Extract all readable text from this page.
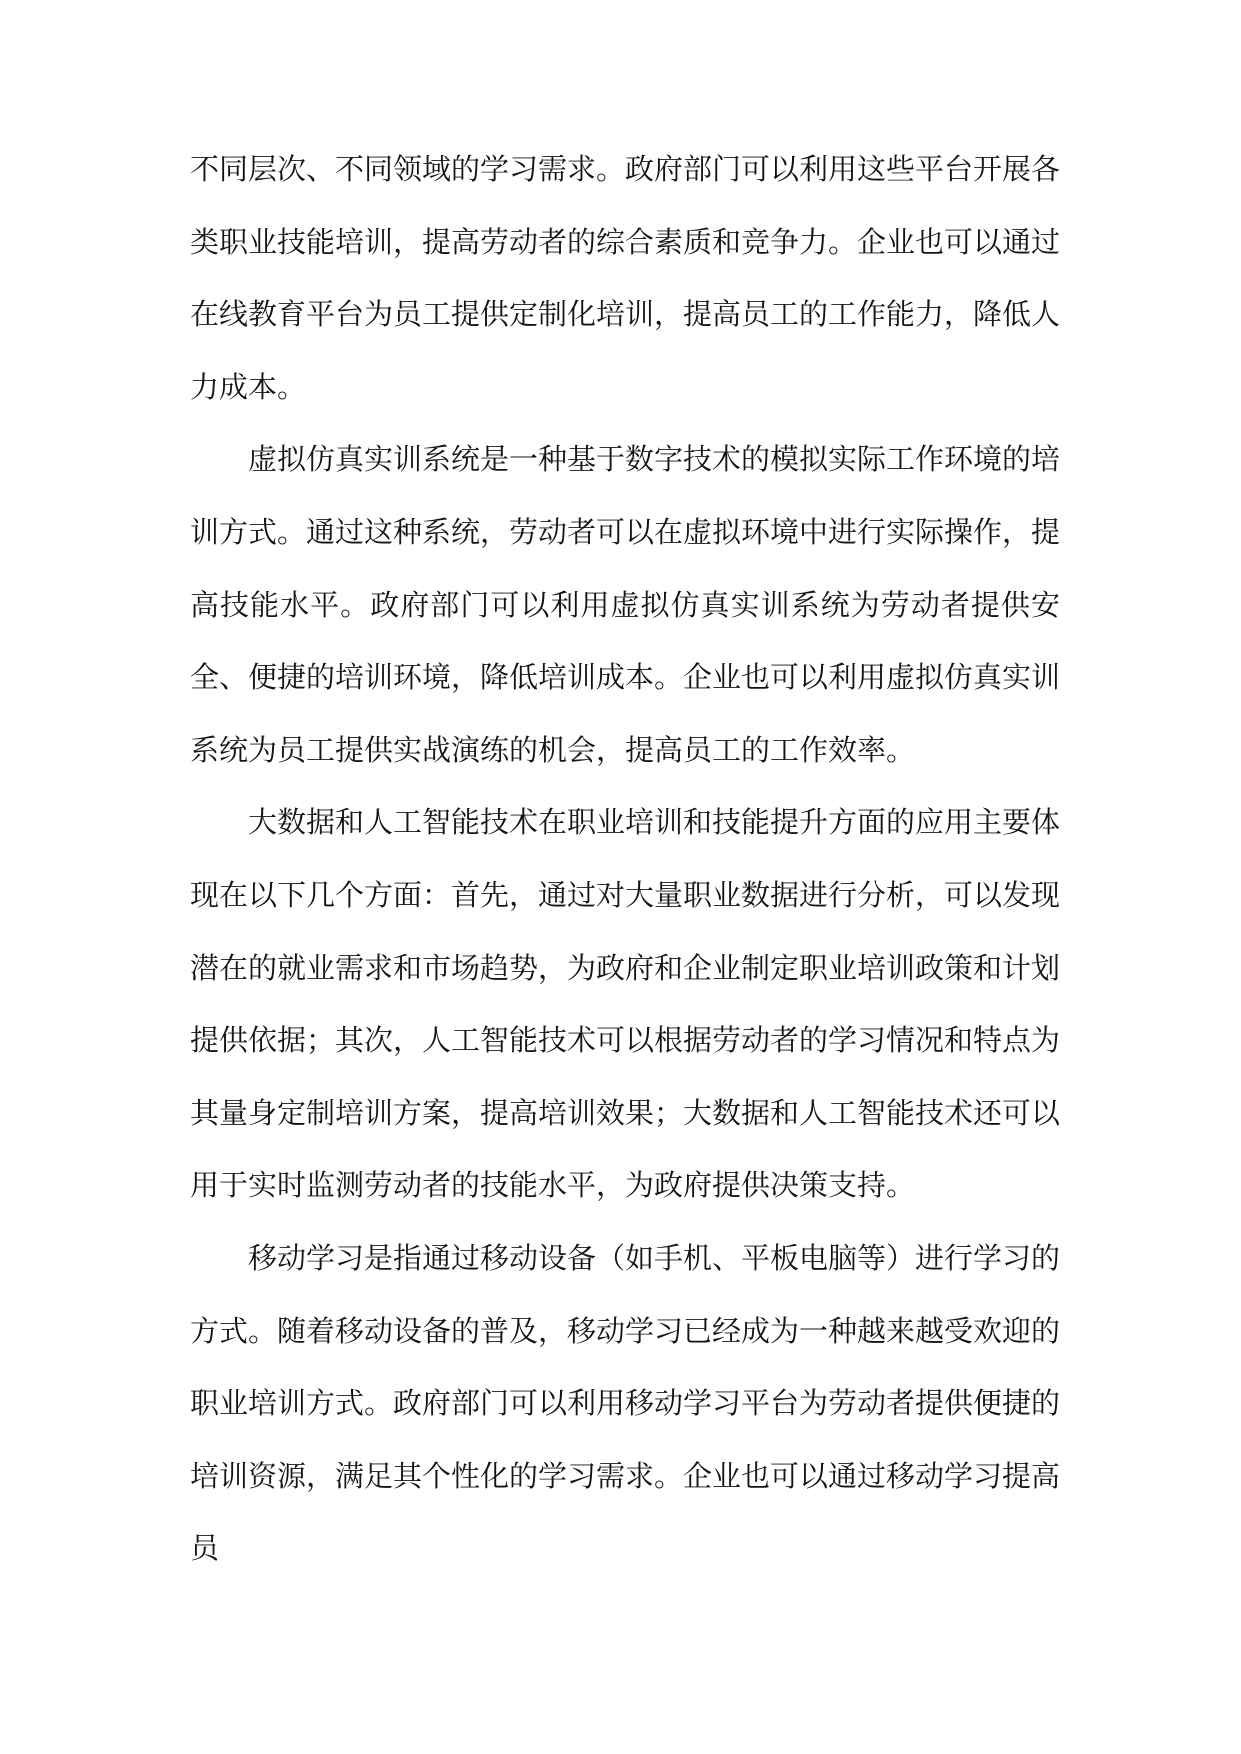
不同层次、不同领域的学习需求。政府部门可以利用这些平台开展各类职业技能培训，提高劳动者的综合素质和竞争力。企业也可以通过在线教育平台为员工提供定制化培训，提高员工的工作能力，降低人力成本。

虚拟仿真实训系统是一种基于数字技术的模拟实际工作环境的培训方式。通过这种系统，劳动者可以在虚拟环境中进行实际操作，提高技能水平。政府部门可以利用虚拟仿真实训系统为劳动者提供安全、便捷的培训环境，降低培训成本。企业也可以利用虚拟仿真实训系统为员工提供实战演练的机会，提高员工的工作效率。

大数据和人工智能技术在职业培训和技能提升方面的应用主要体现在以下几个方面：首先，通过对大量职业数据进行分析，可以发现潜在的就业需求和市场趋势，为政府和企业制定职业培训政策和计划提供依据；其次，人工智能技术可以根据劳动者的学习情况和特点为其量身定制培训方案，提高培训效果；大数据和人工智能技术还可以用于实时监测劳动者的技能水平，为政府提供决策支持。

移动学习是指通过移动设备（如手机、平板电脑等）进行学习的方式。随着移动设备的普及，移动学习已经成为一种越来越受欢迎的职业培训方式。政府部门可以利用移动学习平台为劳动者提供便捷的培训资源，满足其个性化的学习需求。企业也可以通过移动学习提高员
